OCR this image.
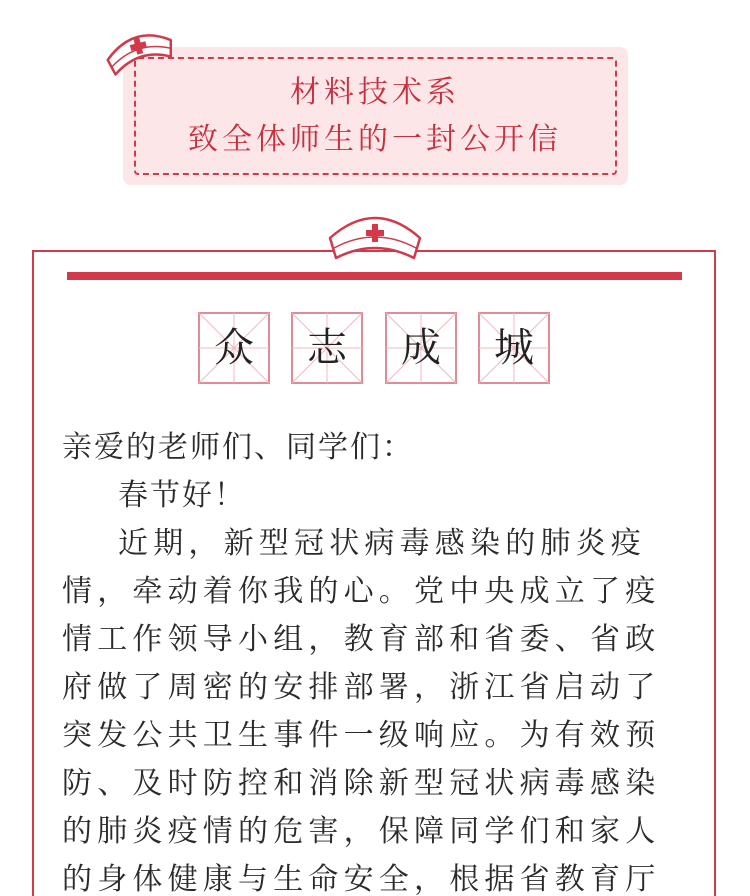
材料技术系
致全体师生的一封公开信
众	志	成	城
亲爱的老师们、同学们：
春节好！
近期，新型冠状病毒感染的肺炎疫
情，牵动着你我的心。党中央成立了疫
情工作领导小组，教育部和省委、省政
府做了周密的安排部署，浙江省启动了
突发公共卫生事件一级响应。为有效预
防、及时防控和消除新型冠状病毒感染
的肺炎疫情的危害，保障同学们和家人
的身体健康与生命安全，根据省教育厅
